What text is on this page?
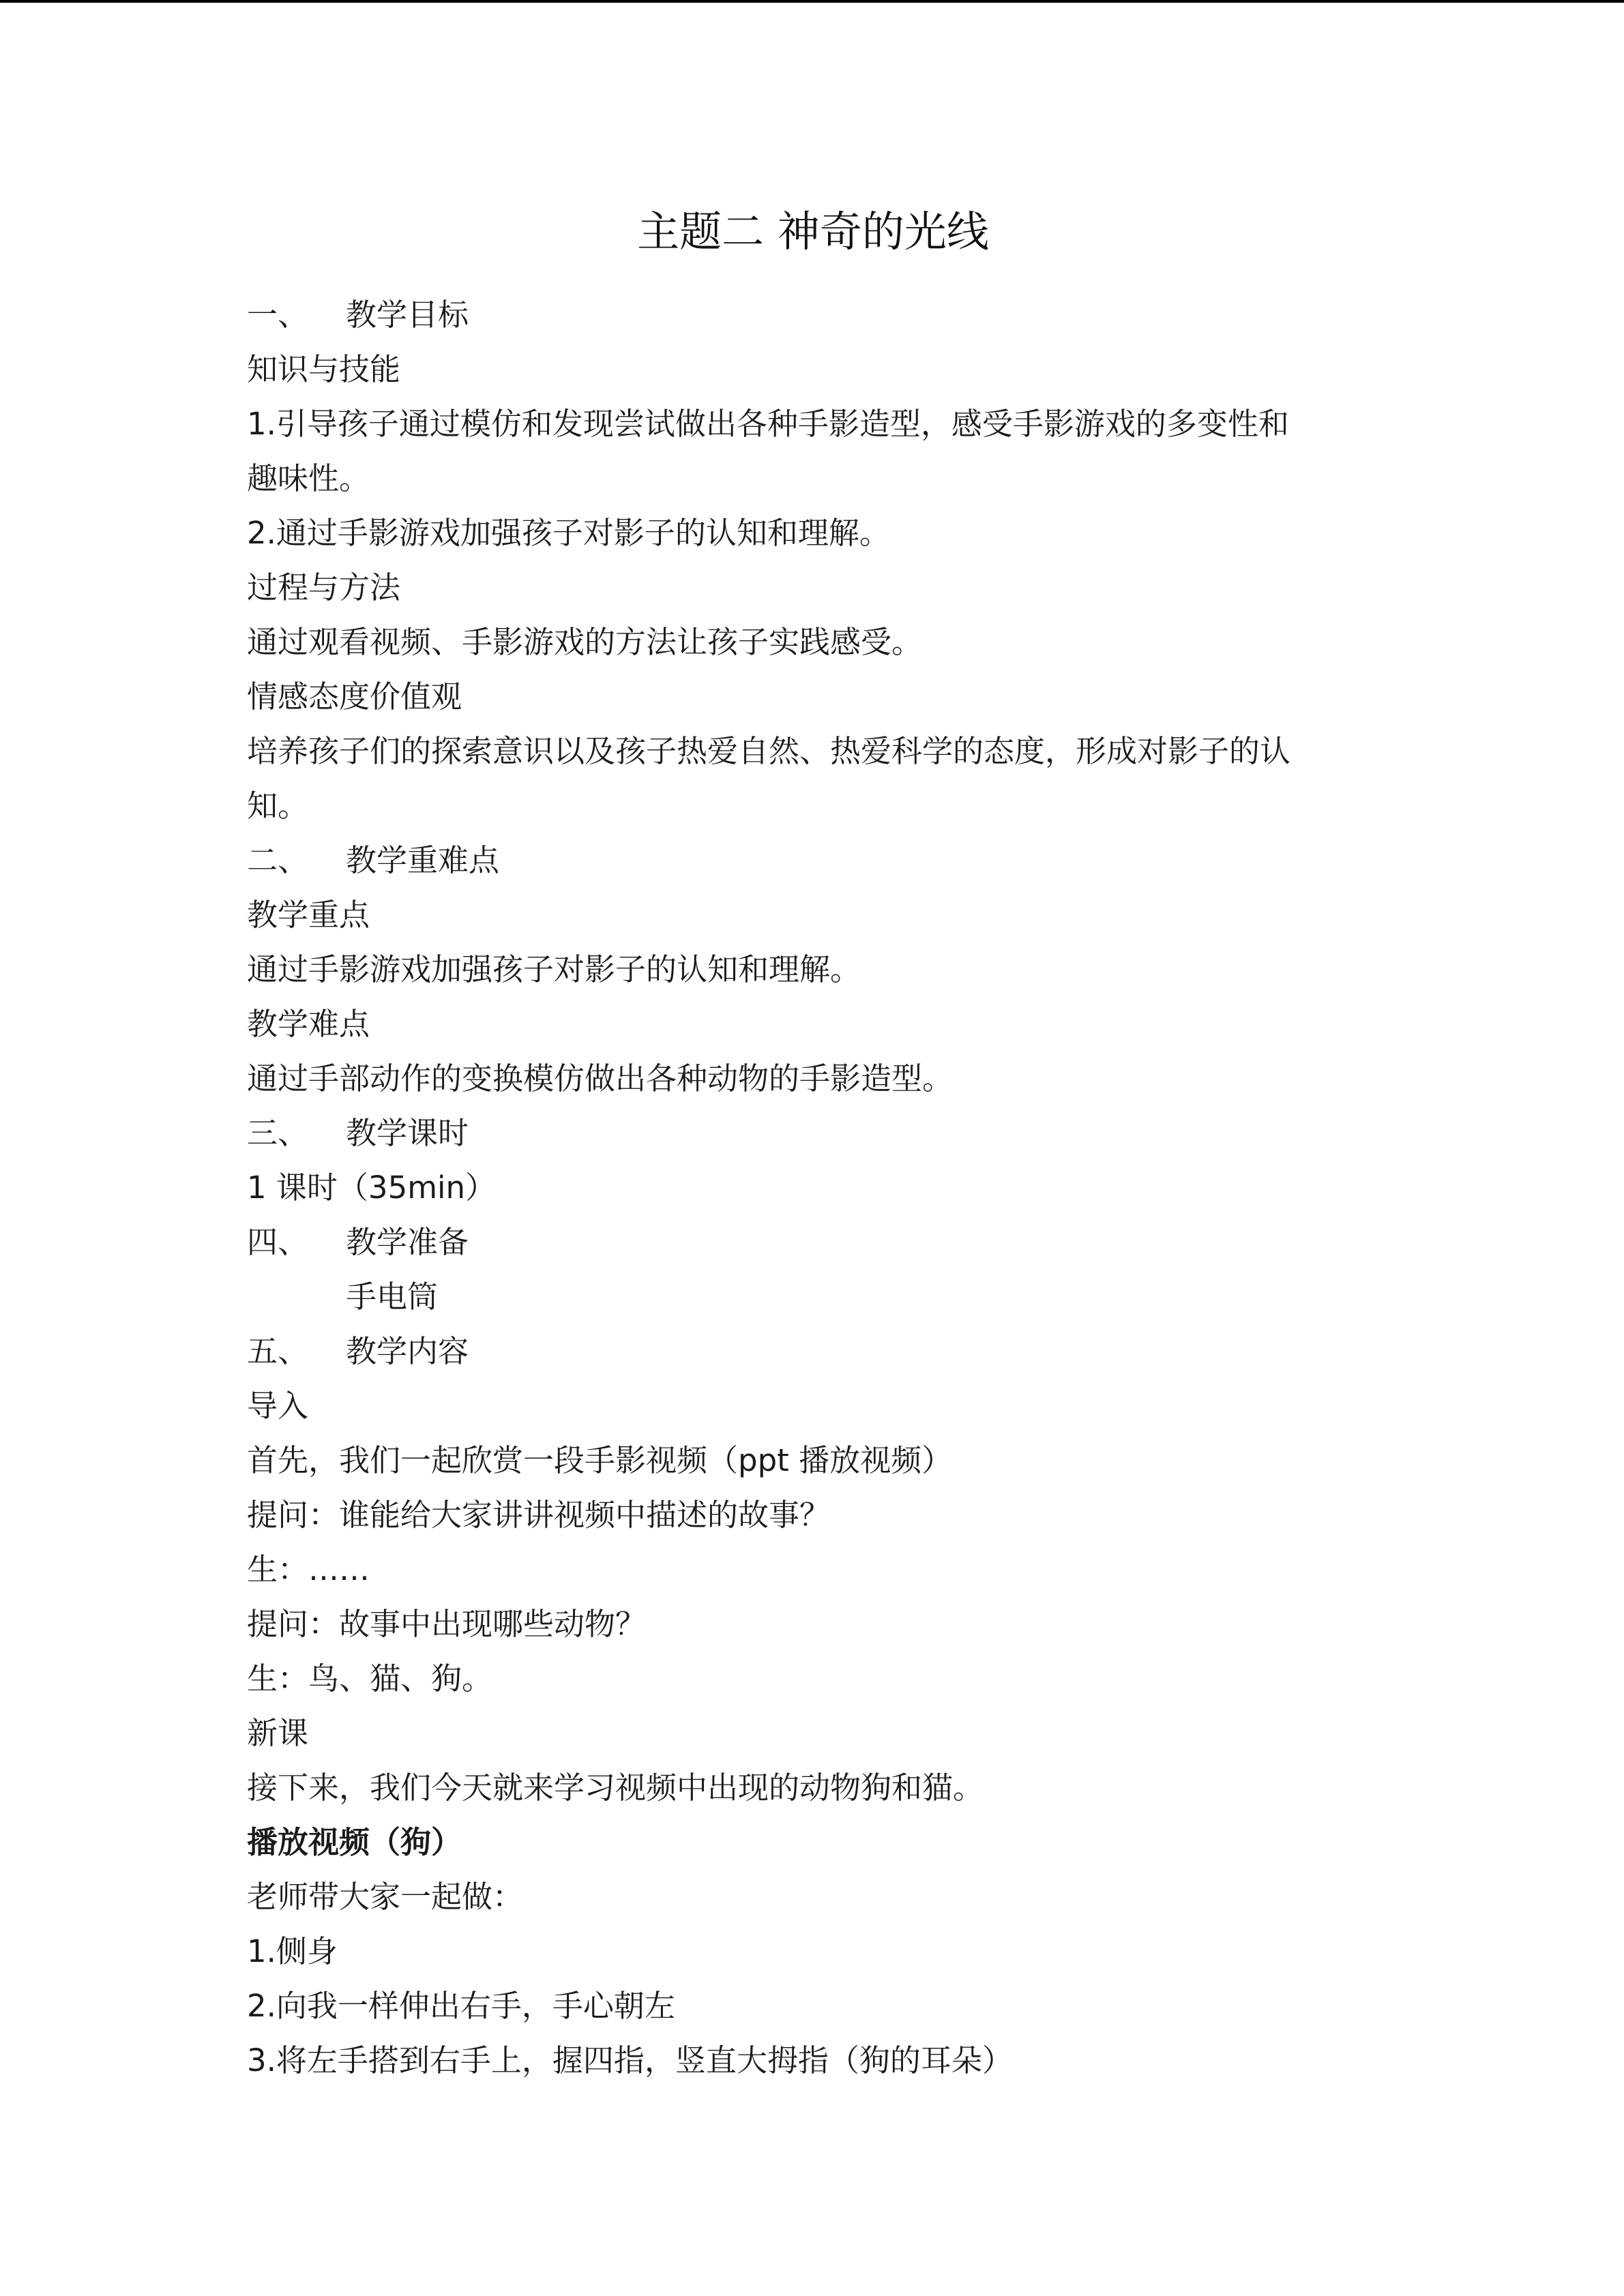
主题二 神奇的光线
一、 教学目标
知识与技能
1.引导孩子通过模仿和发现尝试做出各种手影造型，感受手影游戏的多变性和
趣味性。
2.通过手影游戏加强孩子对影子的认知和理解。
过程与方法
通过观看视频、手影游戏的方法让孩子实践感受。
情感态度价值观
培养孩子们的探索意识以及孩子热爱自然、热爱科学的态度，形成对影子的认
知。
二、 教学重难点
教学重点
通过手影游戏加强孩子对影子的认知和理解。
教学难点
通过手部动作的变换模仿做出各种动物的手影造型。
三、 教学课时
1 课时（35min）
四、 教学准备
手电筒
五、 教学内容
导入
首先，我们一起欣赏一段手影视频（ppt 播放视频）
提问：谁能给大家讲讲视频中描述的故事？
生：……
提问：故事中出现哪些动物？
生：鸟、猫、狗。
新课
接下来，我们今天就来学习视频中出现的动物狗和猫。
播放视频（狗）
老师带大家一起做：
1.侧身
2.向我一样伸出右手，手心朝左
3.将左手搭到右手上，握四指，竖直大拇指（狗的耳朵）
